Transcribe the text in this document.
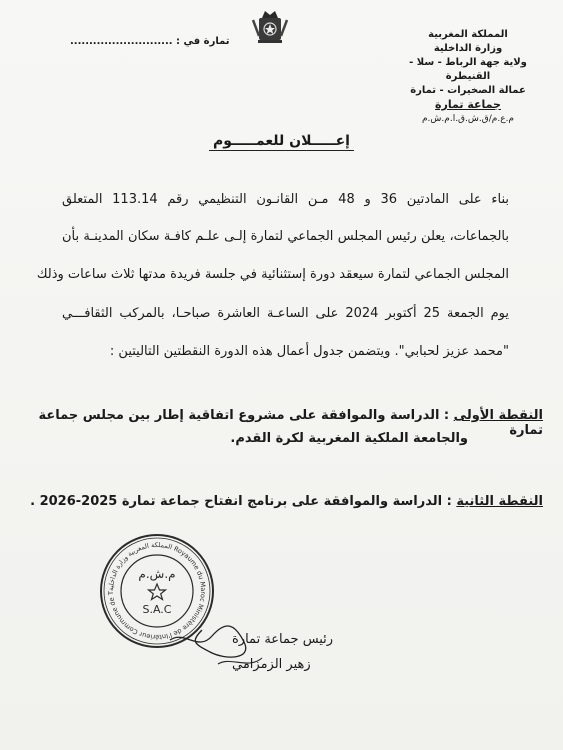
المملكة المغربية
وزارة الداخلية
ولاية جهة الرباط - سلا - القنيطرة
عمالة الصخيرات - تمارة
جماعة تمارة
م.ع.م/ق.ش.ق.ا.م.ش.م
تمارة في : ...........................
إعـــــلان للعمـــــوم
بناء على المادتين 36 و 48 مـن القانـون التنظيمي رقم 113.14 المتعلق
بالجماعات، يعلن رئيس المجلس الجماعي لتمارة إلـى علـم كافـة سكان المدينـة بأن
المجلس الجماعي لتمارة سيعقد دورة إستثنائية في جلسة فريدة مدتها ثلاث ساعات وذلك
يوم الجمعة 25 أكتوبر 2024 على الساعـة العاشرة صباحـا، بالمركب الثقافـــي
"محمد عزيز لحبابي". ويتضمن جدول أعمال هذه الدورة النقطتين التاليتين :
النقطة الأولى : الدراسة والموافقة على مشروع اتفاقية إطار بين مجلس جماعة تمارة
والجامعة الملكية المغربية لكرة القدم.
النقطة الثانية : الدراسة والموافقة على برنامج انفتاح جماعة تمارة 2025-2026 .
المملكة المغربية وزارة الداخلية Royaume du Maroc Ministère de l'Intérieur Commune de T
م.ش.م
S.A.C
رئيس جماعة تمارة
زهير الزمزامي
